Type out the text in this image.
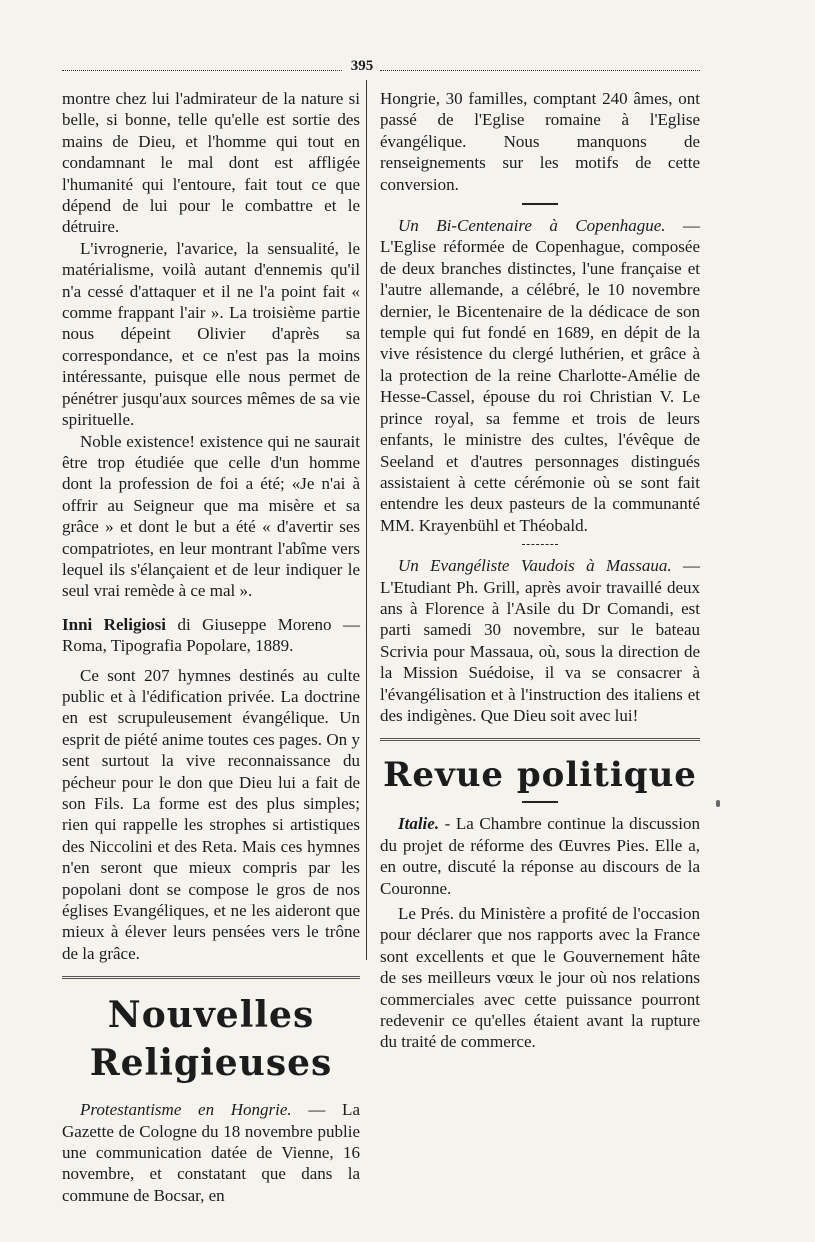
395

montre chez lui l'admirateur de la nature si belle, si bonne, telle qu'elle est sortie des mains de Dieu, et l'homme qui tout en condamnant le mal dont est affligée l'humanité qui l'entoure, fait tout ce que dépend de lui pour le combattre et le détruire.

L'ivrognerie, l'avarice, la sensualité, le matérialisme, voilà autant d'ennemis qu'il n'a cessé d'attaquer et il ne l'a point fait « comme frappant l'air ». La troisième partie nous dépeint Olivier d'après sa correspondance, et ce n'est pas la moins intéressante, puisque elle nous permet de pénétrer jusqu'aux sources mêmes de sa vie spirituelle.

Noble existence! existence qui ne saurait être trop étudiée que celle d'un homme dont la profession de foi a été; «Je n'ai à offrir au Seigneur que ma misère et sa grâce » et dont le but a été « d'avertir ses compatriotes, en leur montrant l'abîme vers lequel ils s'élançaient et de leur indiquer le seul vrai remède à ce mal ».

Inni Religiosi di Giuseppe Moreno — Roma, Tipografia Popolare, 1889.

Ce sont 207 hymnes destinés au culte public et à l'édification privée. La doctrine en est scrupuleusement évangélique. Un esprit de piété anime toutes ces pages. On y sent surtout la vive reconnaissance du pécheur pour le don que Dieu lui a fait de son Fils. La forme est des plus simples; rien qui rappelle les strophes si artistiques des Niccolini et des Reta. Mais ces hymnes n'en seront que mieux compris par les popolani dont se compose le gros de nos églises Evangéliques, et ne les aideront que mieux à élever leurs pensées vers le trône de la grâce.

Nouvelles Religieuses

Protestantisme en Hongrie. — La Gazette de Cologne du 18 novembre publie une communication datée de Vienne, 16 novembre, et constatant que dans la commune de Bocsar, en

Hongrie, 30 familles, comptant 240 âmes, ont passé de l'Eglise romaine à l'Eglise évangélique. Nous manquons de renseignements sur les motifs de cette conversion.

Un Bi-Centenaire à Copenhague. — L'Eglise réformée de Copenhague, composée de deux branches distinctes, l'une française et l'autre allemande, a célébré, le 10 novembre dernier, le Bicentenaire de la dédicace de son temple qui fut fondé en 1689, en dépit de la vive résistence du clergé luthérien, et grâce à la protection de la reine Charlotte-Amélie de Hesse-Cassel, épouse du roi Christian V. Le prince royal, sa femme et trois de leurs enfants, le ministre des cultes, l'évêque de Seeland et d'autres personnages distingués assistaient à cette cérémonie où se sont fait entendre les deux pasteurs de la communanté MM. Krayenbühl et Théobald.

Un Evangéliste Vaudois à Massaua. — L'Etudiant Ph. Grill, après avoir travaillé deux ans à Florence à l'Asile du Dr Comandi, est parti samedi 30 novembre, sur le bateau Scrivia pour Massaua, où, sous la direction de la Mission Suédoise, il va se consacrer à l'évangélisation et à l'instruction des italiens et des indigènes. Que Dieu soit avec lui!

Revue politique

Italie. - La Chambre continue la discussion du projet de réforme des Œuvres Pies. Elle a, en outre, discuté la réponse au discours de la Couronne.

Le Prés. du Ministère a profité de l'occasion pour déclarer que nos rapports avec la France sont excellents et que le Gouvernement hâte de ses meilleurs vœux le jour où nos relations commerciales avec cette puissance pourront redevenir ce qu'elles étaient avant la rupture du traité de commerce.
